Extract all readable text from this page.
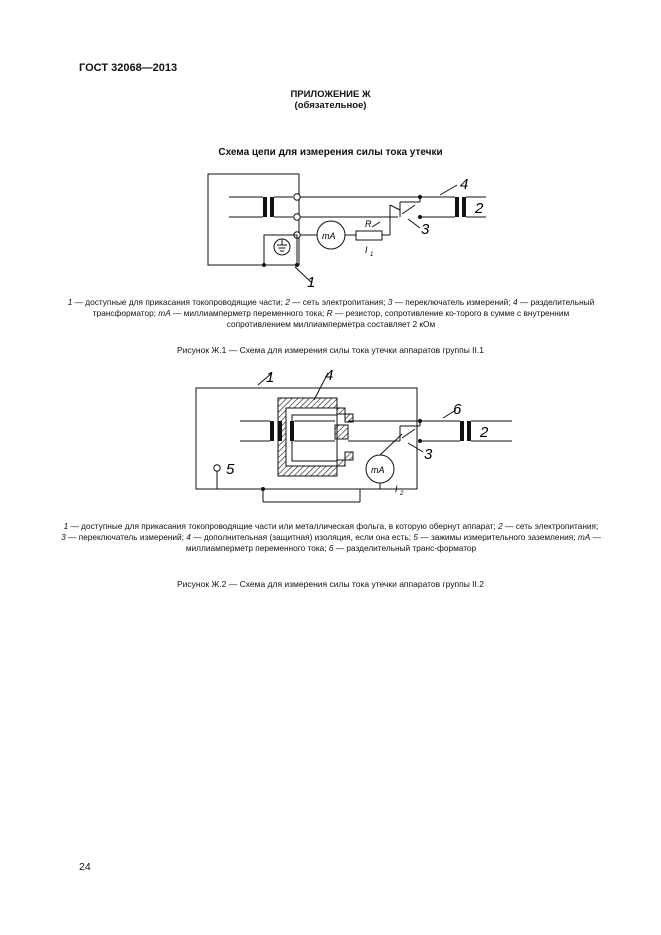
ГОСТ 32068—2013
ПРИЛОЖЕНИЕ Ж
(обязательное)
Схема цепи для измерения силы тока утечки
1
4
2
3
R
mA
I 1
1 — доступные для прикасания токопроводящие части; 2 — сеть электропитания; 3 — переключатель измерений; 4 — разделительный трансформатор; mA — миллиамперметр переменного тока; R — резистор, сопротивление ко-торого в сумме с внутренним сопротивлением миллиамперметра составляет 2 кОм
Рисунок Ж.1 — Схема для измерения силы тока утечки аппаратов группы II.1
1	4
6
2
3
5	mA
I 2
1 — доступные для прикасания токопроводящие части или металлическая фольга, в которую обернут аппарат; 2 — сеть электропитания; 3 — переключатель измерений; 4 — дополнительная (защитная) изоляция, если она есть; 5 — зажимы измерительного заземления; mA — миллиамперметр переменного тока; 6 — разделительный транс-форматор
Рисунок Ж.2 — Схема для измерения силы тока утечки аппаратов группы II.2
24
